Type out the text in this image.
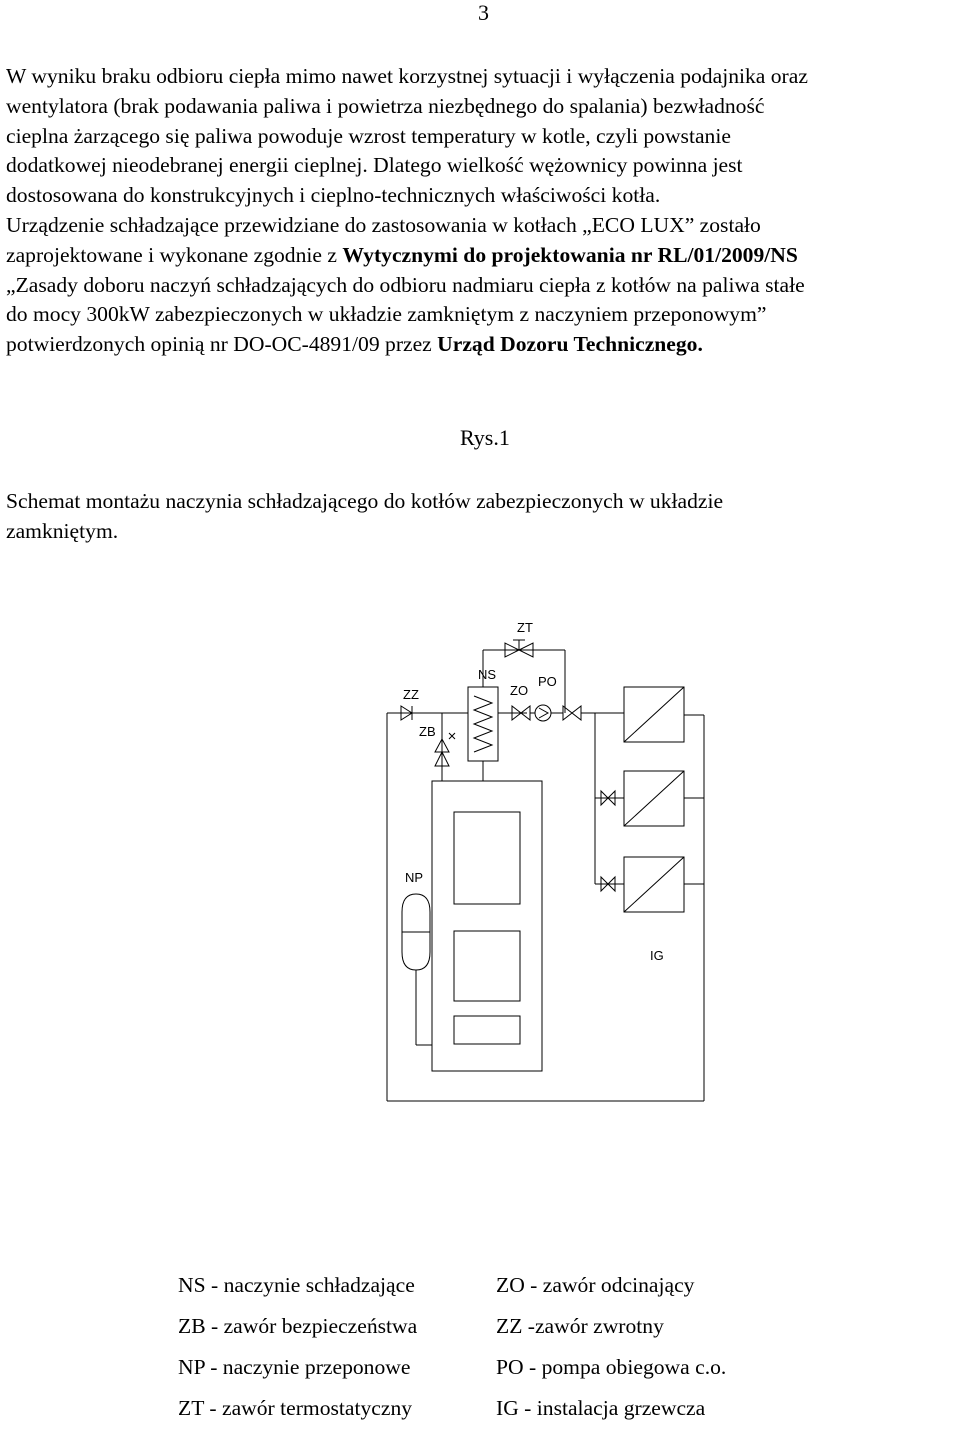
3

W wyniku braku odbioru ciepła mimo nawet korzystnej sytuacji i wyłączenia podajnika oraz
wentylatora (brak podawania paliwa i powietrza niezbędnego do spalania) bezwładność
cieplna żarzącego się paliwa powoduje wzrost temperatury w kotle, czyli powstanie
dodatkowej nieodebranej energii cieplnej. Dlatego wielkość wężownicy powinna jest
dostosowana do konstrukcyjnych i cieplno-technicznych właściwości kotła.
Urządzenie schładzające przewidziane do zastosowania w kotłach „ECO LUX” zostało
zaprojektowane i wykonane zgodnie z Wytycznymi do projektowania nr RL/01/2009/NS
„Zasady doboru naczyń schładzających do odbioru nadmiaru ciepła z kotłów na paliwa stałe
do mocy 300kW zabezpieczonych w układzie zamkniętym z naczyniem przeponowym”
potwierdzonych opinią nr DO-OC-4891/09 przez Urząd Dozoru Technicznego.

Rys.1

Schemat montażu naczynia schładzającego do kotłów zabezpieczonych w układzie
zamkniętym.

ZT
NS
ZO
PO
ZZ
ZB
NP
IG
NS - naczynie schładzające	ZO - zawór odcinający
ZB - zawór bezpieczeństwa	ZZ -zawór zwrotny
NP - naczynie przeponowe	PO - pompa obiegowa c.o.
ZT - zawór termostatyczny	IG - instalacja grzewcza
